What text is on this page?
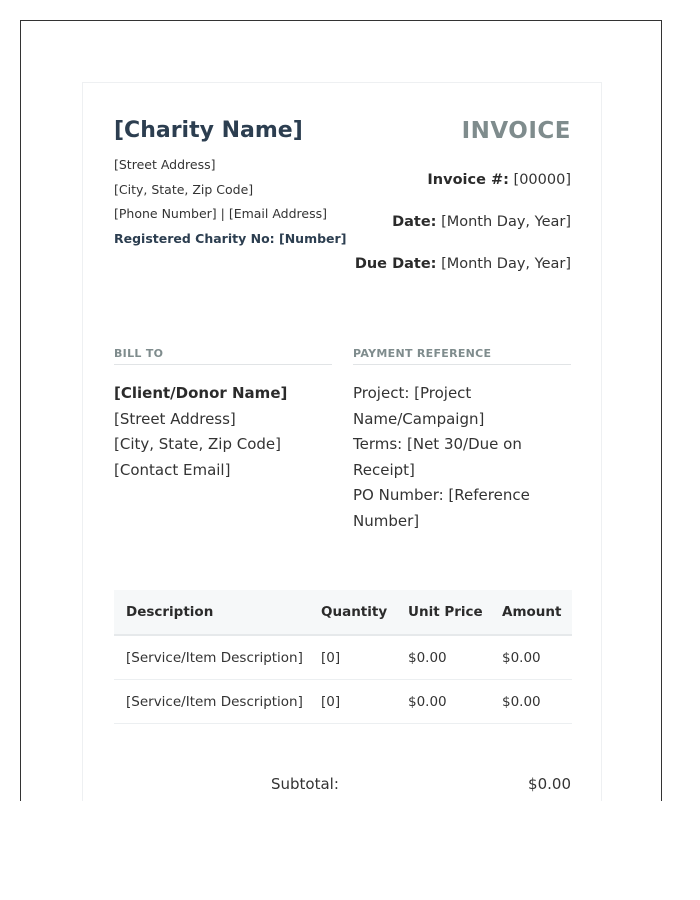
[Charity Name]
[Street Address]
[City, State, Zip Code]
[Phone Number] | [Email Address]
Registered Charity No: [Number]
INVOICE
Invoice #: [00000]
Date: [Month Day, Year]
Due Date: [Month Day, Year]
BILL TO	PAYMENT REFERENCE
[Client/Donor Name]
[Street Address]
[City, State, Zip Code]
[Contact Email]
Project: [Project Name/Campaign]
Terms: [Net 30/Due on Receipt]
PO Number: [Reference Number]
Description	Quantity	Unit Price	Amount
[Service/Item Description]	[0]	$0.00	$0.00
[Service/Item Description]	[0]	$0.00	$0.00
Subtotal:	$0.00
